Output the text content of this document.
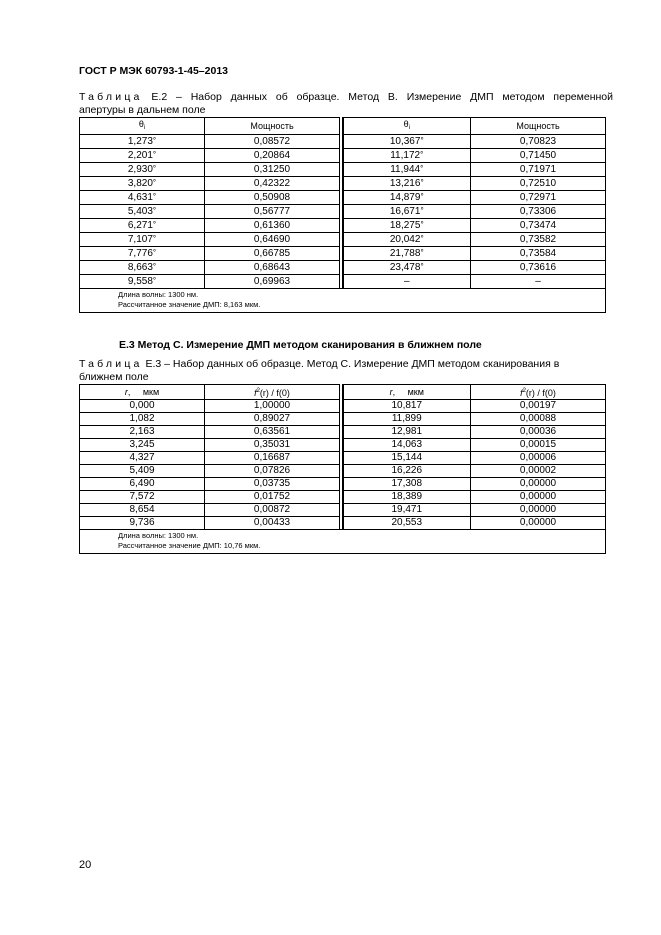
ГОСТ Р МЭК 60793-1-45–2013
Таблица Е.2 – Набор данных об образце. Метод В. Измерение ДМП методом переменной
апертуры в дальнем поле
$\theta_i$	Мощность		$\theta_i$	Мощность
1,273°	0,08572		10,367°	0,70823
2,201°	0,20864		11,172°	0,71450
2,930°	0,31250		11,944°	0,71971
3,820°	0,42322		13,216°	0,72510
4,631°	0,50908		14,879°	0,72971
5,403°	0,56777		16,671°	0,73306
6,271°	0,61360		18,275°	0,73474
7,107°	0,64690		20,042°	0,73582
7,776°	0,66785		21,788°	0,73584
8,663°	0,68643		23,478°	0,73616
9,558°	0,69963		–	–

Длина волны: 1300 нм.
Рассчитанное значение ДМП: 8,163 мкм.				
Е.3 Метод С. Измерение ДМП методом сканирования в ближнем поле
Таблица Е.3 – Набор данных об образце. Метод С. Измерение ДМП методом сканирования в
ближнем поле
r,     мкм	$f^2(r) / f(0)$		r,     мкм	$f^2(r) / f(0)$
0,000	1,00000		10,817	0,00197
1,082	0,89027		11,899	0,00088
2,163	0,63561		12,981	0,00036
3,245	0,35031		14,063	0,00015
4,327	0,16687		15,144	0,00006
5,409	0,07826		16,226	0,00002
6,490	0,03735		17,308	0,00000
7,572	0,01752		18,389	0,00000
8,654	0,00872		19,471	0,00000
9,736	0,00433		20,553	0,00000

Длина волны: 1300 нм.
Рассчитанное значение ДМП: 10,76 мкм.				
20
